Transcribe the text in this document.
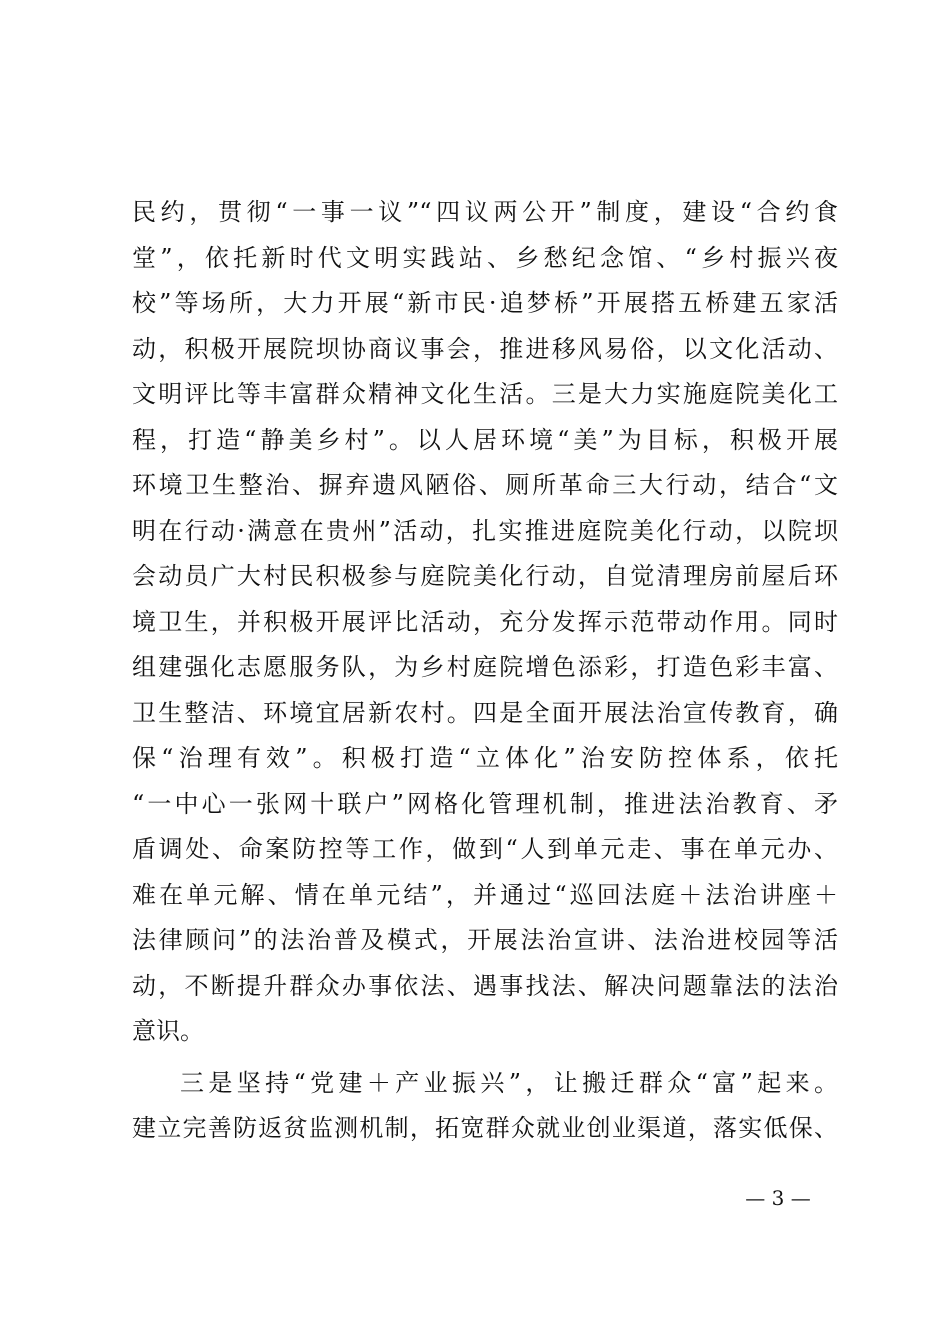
民约，贯彻“一事一议”“四议两公开”制度，建设“合约食
堂”，依托新时代文明实践站、乡愁纪念馆、“乡村振兴夜
校”等场所，大力开展“新市民·追梦桥”开展搭五桥建五家活
动，积极开展院坝协商议事会，推进移风易俗，以文化活动、
文明评比等丰富群众精神文化生活。三是大力实施庭院美化工
程，打造“静美乡村”。以人居环境“美”为目标，积极开展
环境卫生整治、摒弃遗风陋俗、厕所革命三大行动，结合“文
明在行动·满意在贵州”活动，扎实推进庭院美化行动，以院坝
会动员广大村民积极参与庭院美化行动，自觉清理房前屋后环
境卫生，并积极开展评比活动，充分发挥示范带动作用。同时
组建强化志愿服务队，为乡村庭院增色添彩，打造色彩丰富、
卫生整洁、环境宜居新农村。四是全面开展法治宣传教育，确
保“治理有效”。积极打造“立体化”治安防控体系，依托
“一中心一张网十联户”网格化管理机制，推进法治教育、矛
盾调处、命案防控等工作，做到“人到单元走、事在单元办、
难在单元解、情在单元结”，并通过“巡回法庭＋法治讲座＋
法律顾问”的法治普及模式，开展法治宣讲、法治进校园等活
动，不断提升群众办事依法、遇事找法、解决问题靠法的法治
意识。
三是坚持“党建＋产业振兴”，让搬迁群众“富”起来。
建立完善防返贫监测机制，拓宽群众就业创业渠道，落实低保、
— 3 —
